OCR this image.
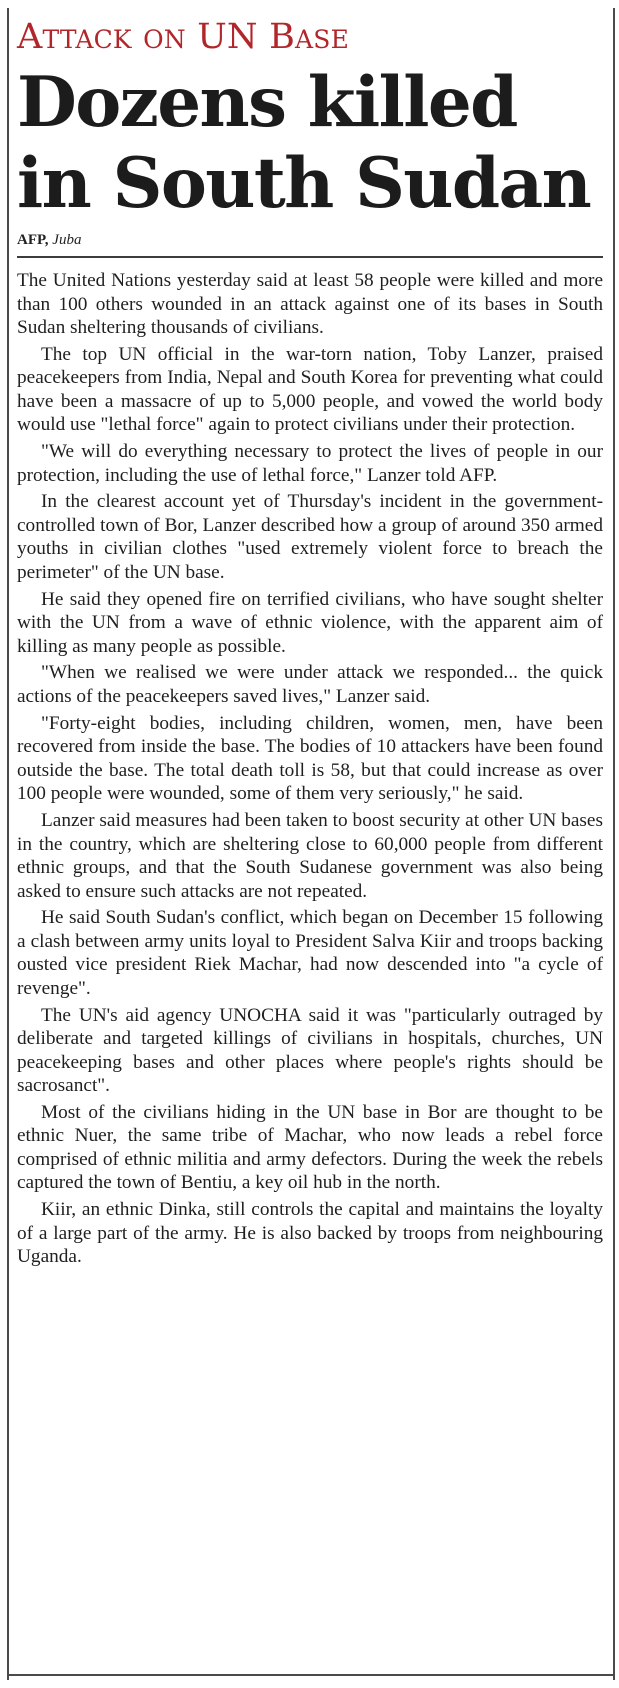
Attack on UN Base
Dozens killed
in South Sudan
AFP, Juba

The United Nations yesterday said at least 58 people were killed and more than 100 others wounded in an attack against one of its bases in South Sudan sheltering thousands of civilians.

The top UN official in the war-torn nation, Toby Lanzer, praised peacekeepers from India, Nepal and South Korea for preventing what could have been a massacre of up to 5,000 people, and vowed the world body would use "lethal force" again to protect civilians under their protection.

"We will do everything necessary to protect the lives of people in our protection, including the use of lethal force," Lanzer told AFP.

In the clearest account yet of Thursday's incident in the government-controlled town of Bor, Lanzer described how a group of around 350 armed youths in civilian clothes "used extremely violent force to breach the perimeter" of the UN base.

He said they opened fire on terrified civilians, who have sought shelter with the UN from a wave of ethnic violence, with the apparent aim of killing as many people as possible.

"When we realised we were under attack we responded... the quick actions of the peacekeepers saved lives," Lanzer said.

"Forty-eight bodies, including children, women, men, have been recovered from inside the base. The bodies of 10 attackers have been found outside the base. The total death toll is 58, but that could increase as over 100 people were wounded, some of them very seriously," he said.

Lanzer said measures had been taken to boost security at other UN bases in the country, which are sheltering close to 60,000 people from different ethnic groups, and that the South Sudanese government was also being asked to ensure such attacks are not repeated.

He said South Sudan's conflict, which began on December 15 following a clash between army units loyal to President Salva Kiir and troops backing ousted vice president Riek Machar, had now descended into "a cycle of revenge".

The UN's aid agency UNOCHA said it was "particularly outraged by deliberate and targeted killings of civilians in hospitals, churches, UN peacekeeping bases and other places where people's rights should be sacrosanct".

Most of the civilians hiding in the UN base in Bor are thought to be ethnic Nuer, the same tribe of Machar, who now leads a rebel force comprised of ethnic militia and army defectors. During the week the rebels captured the town of Bentiu, a key oil hub in the north.

Kiir, an ethnic Dinka, still controls the capital and maintains the loyalty of a large part of the army. He is also backed by troops from neighbouring Uganda.
